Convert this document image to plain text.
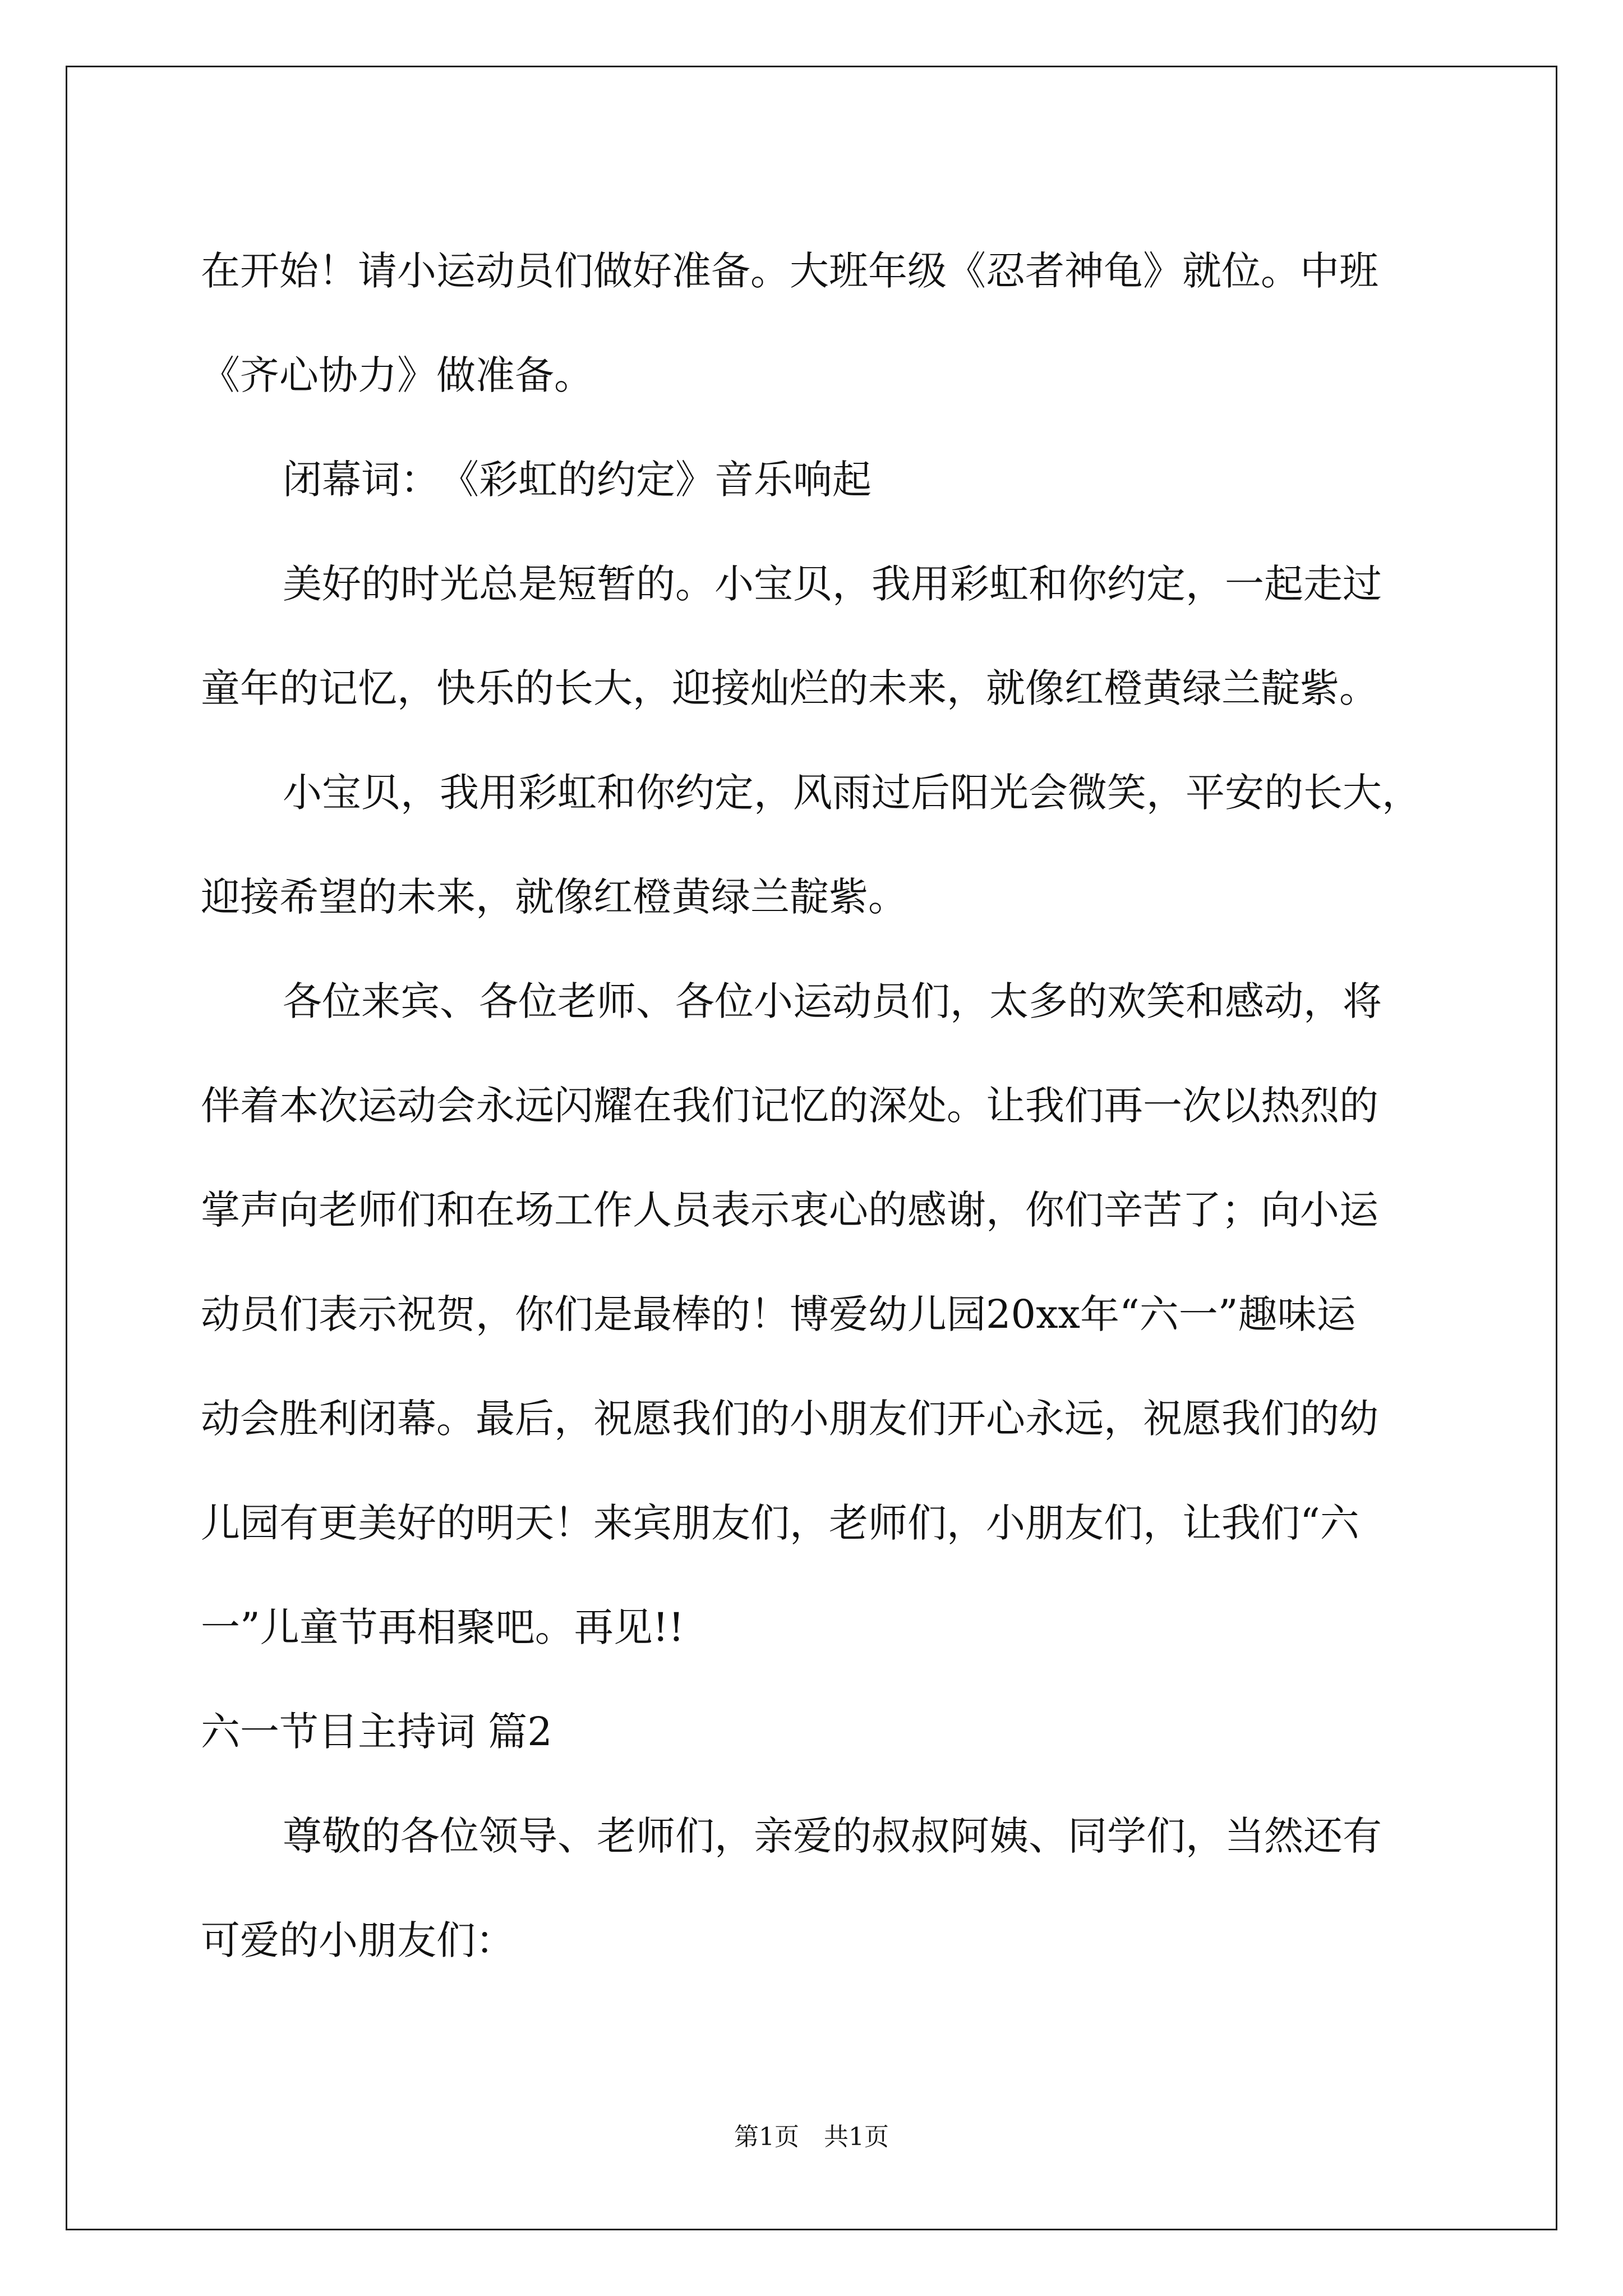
在开始！请小运动员们做好准备。大班年级《忍者神龟》就位。中班
《齐心协力》做准备。
闭幕词：　《彩虹的约定》音乐响起
美好的时光总是短暂的。小宝贝，我用彩虹和你约定，一起走过
童年的记忆，快乐的长大，迎接灿烂的未来，就像红橙黄绿兰靛紫。
小宝贝，我用彩虹和你约定，风雨过后阳光会微笑，平安的长大，
迎接希望的未来，就像红橙黄绿兰靛紫。
各位来宾、各位老师、各位小运动员们，太多的欢笑和感动，将
伴着本次运动会永远闪耀在我们记忆的深处。让我们再一次以热烈的
掌声向老师们和在场工作人员表示衷心的感谢，你们辛苦了；向小运
动员们表示祝贺，你们是最棒的！博爱幼儿园20xx年“六一”趣味运
动会胜利闭幕。最后，祝愿我们的小朋友们开心永远，祝愿我们的幼
儿园有更美好的明天！来宾朋友们，老师们，小朋友们，让我们“六
一”儿童节再相聚吧。再见!!
六一节目主持词 篇2
尊敬的各位领导、老师们，亲爱的叔叔阿姨、同学们，当然还有
可爱的小朋友们：
第1页　共1页
